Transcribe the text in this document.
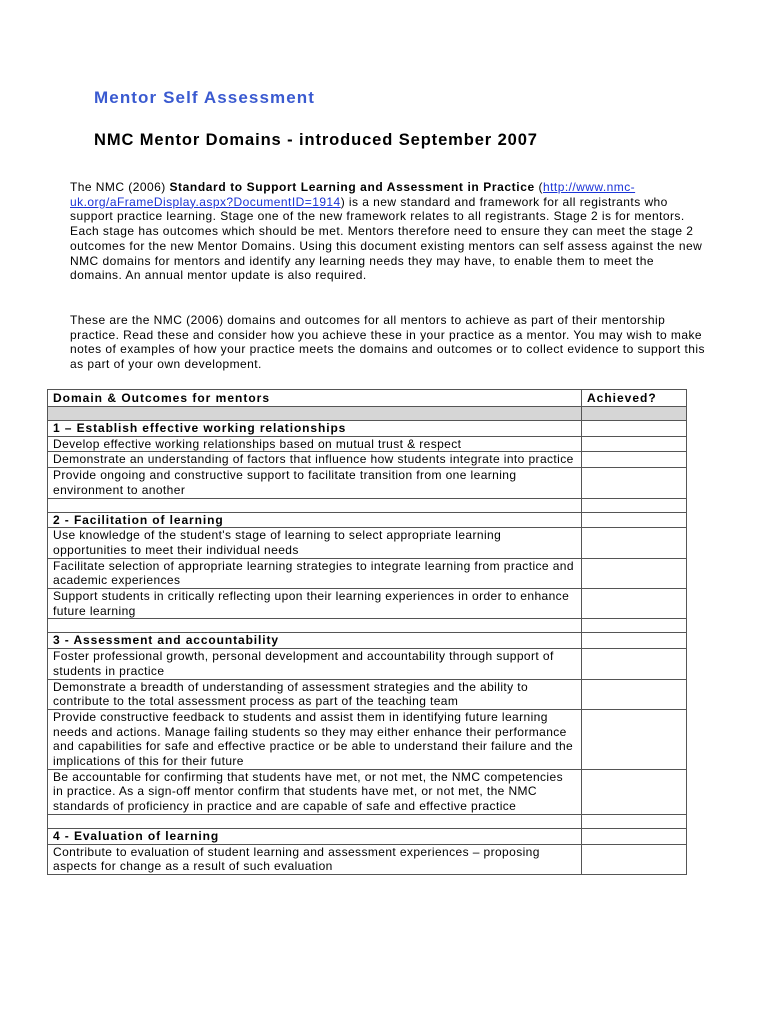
Mentor Self Assessment
NMC Mentor Domains - introduced September 2007
The NMC (2006) Standard to Support Learning and Assessment in Practice (http://www.nmc-uk.org/aFrameDisplay.aspx?DocumentID=1914) is a new standard and framework for all registrants who support practice learning. Stage one of the new framework relates to all registrants. Stage 2 is for mentors. Each stage has outcomes which should be met. Mentors therefore need to ensure they can meet the stage 2 outcomes for the new Mentor Domains. Using this document existing mentors can self assess against the new NMC domains for mentors and identify any learning needs they may have, to enable them to meet the domains. An annual mentor update is also required.
These are the NMC (2006) domains and outcomes for all mentors to achieve as part of their mentorship practice. Read these and consider how you achieve these in your practice as a mentor. You may wish to make notes of examples of how your practice meets the domains and outcomes or to collect evidence to support this as part of your own development.
Domain & Outcomes for mentors	Achieved?

1 – Establish effective working relationships	
Develop effective working relationships based on mutual trust & respect	
Demonstrate an understanding of factors that influence how students integrate into practice	
Provide ongoing and constructive support to facilitate transition from one learning environment to another	

2 - Facilitation of learning	
Use knowledge of the student's stage of learning to select appropriate learning opportunities to meet their individual needs	
Facilitate selection of appropriate learning strategies to integrate learning from practice and academic experiences	
Support students in critically reflecting upon their learning experiences in order to enhance future learning	

3 - Assessment and accountability	
Foster professional growth, personal development and accountability through support of students in practice	
Demonstrate a breadth of understanding of assessment strategies and the ability to contribute to the total assessment process as part of the teaching team	
Provide constructive feedback to students and assist them in identifying future learning needs and actions. Manage failing students so they may either enhance their performance and capabilities for safe and effective practice or be able to understand their failure and the implications of this for their future	
Be accountable for confirming that students have met, or not met, the NMC competencies in practice. As a sign-off mentor confirm that students have met, or not met, the NMC standards of proficiency in practice and are capable of safe and effective practice	

4 - Evaluation of learning	
Contribute to evaluation of student learning and assessment experiences – proposing aspects for change as a result of such evaluation	
